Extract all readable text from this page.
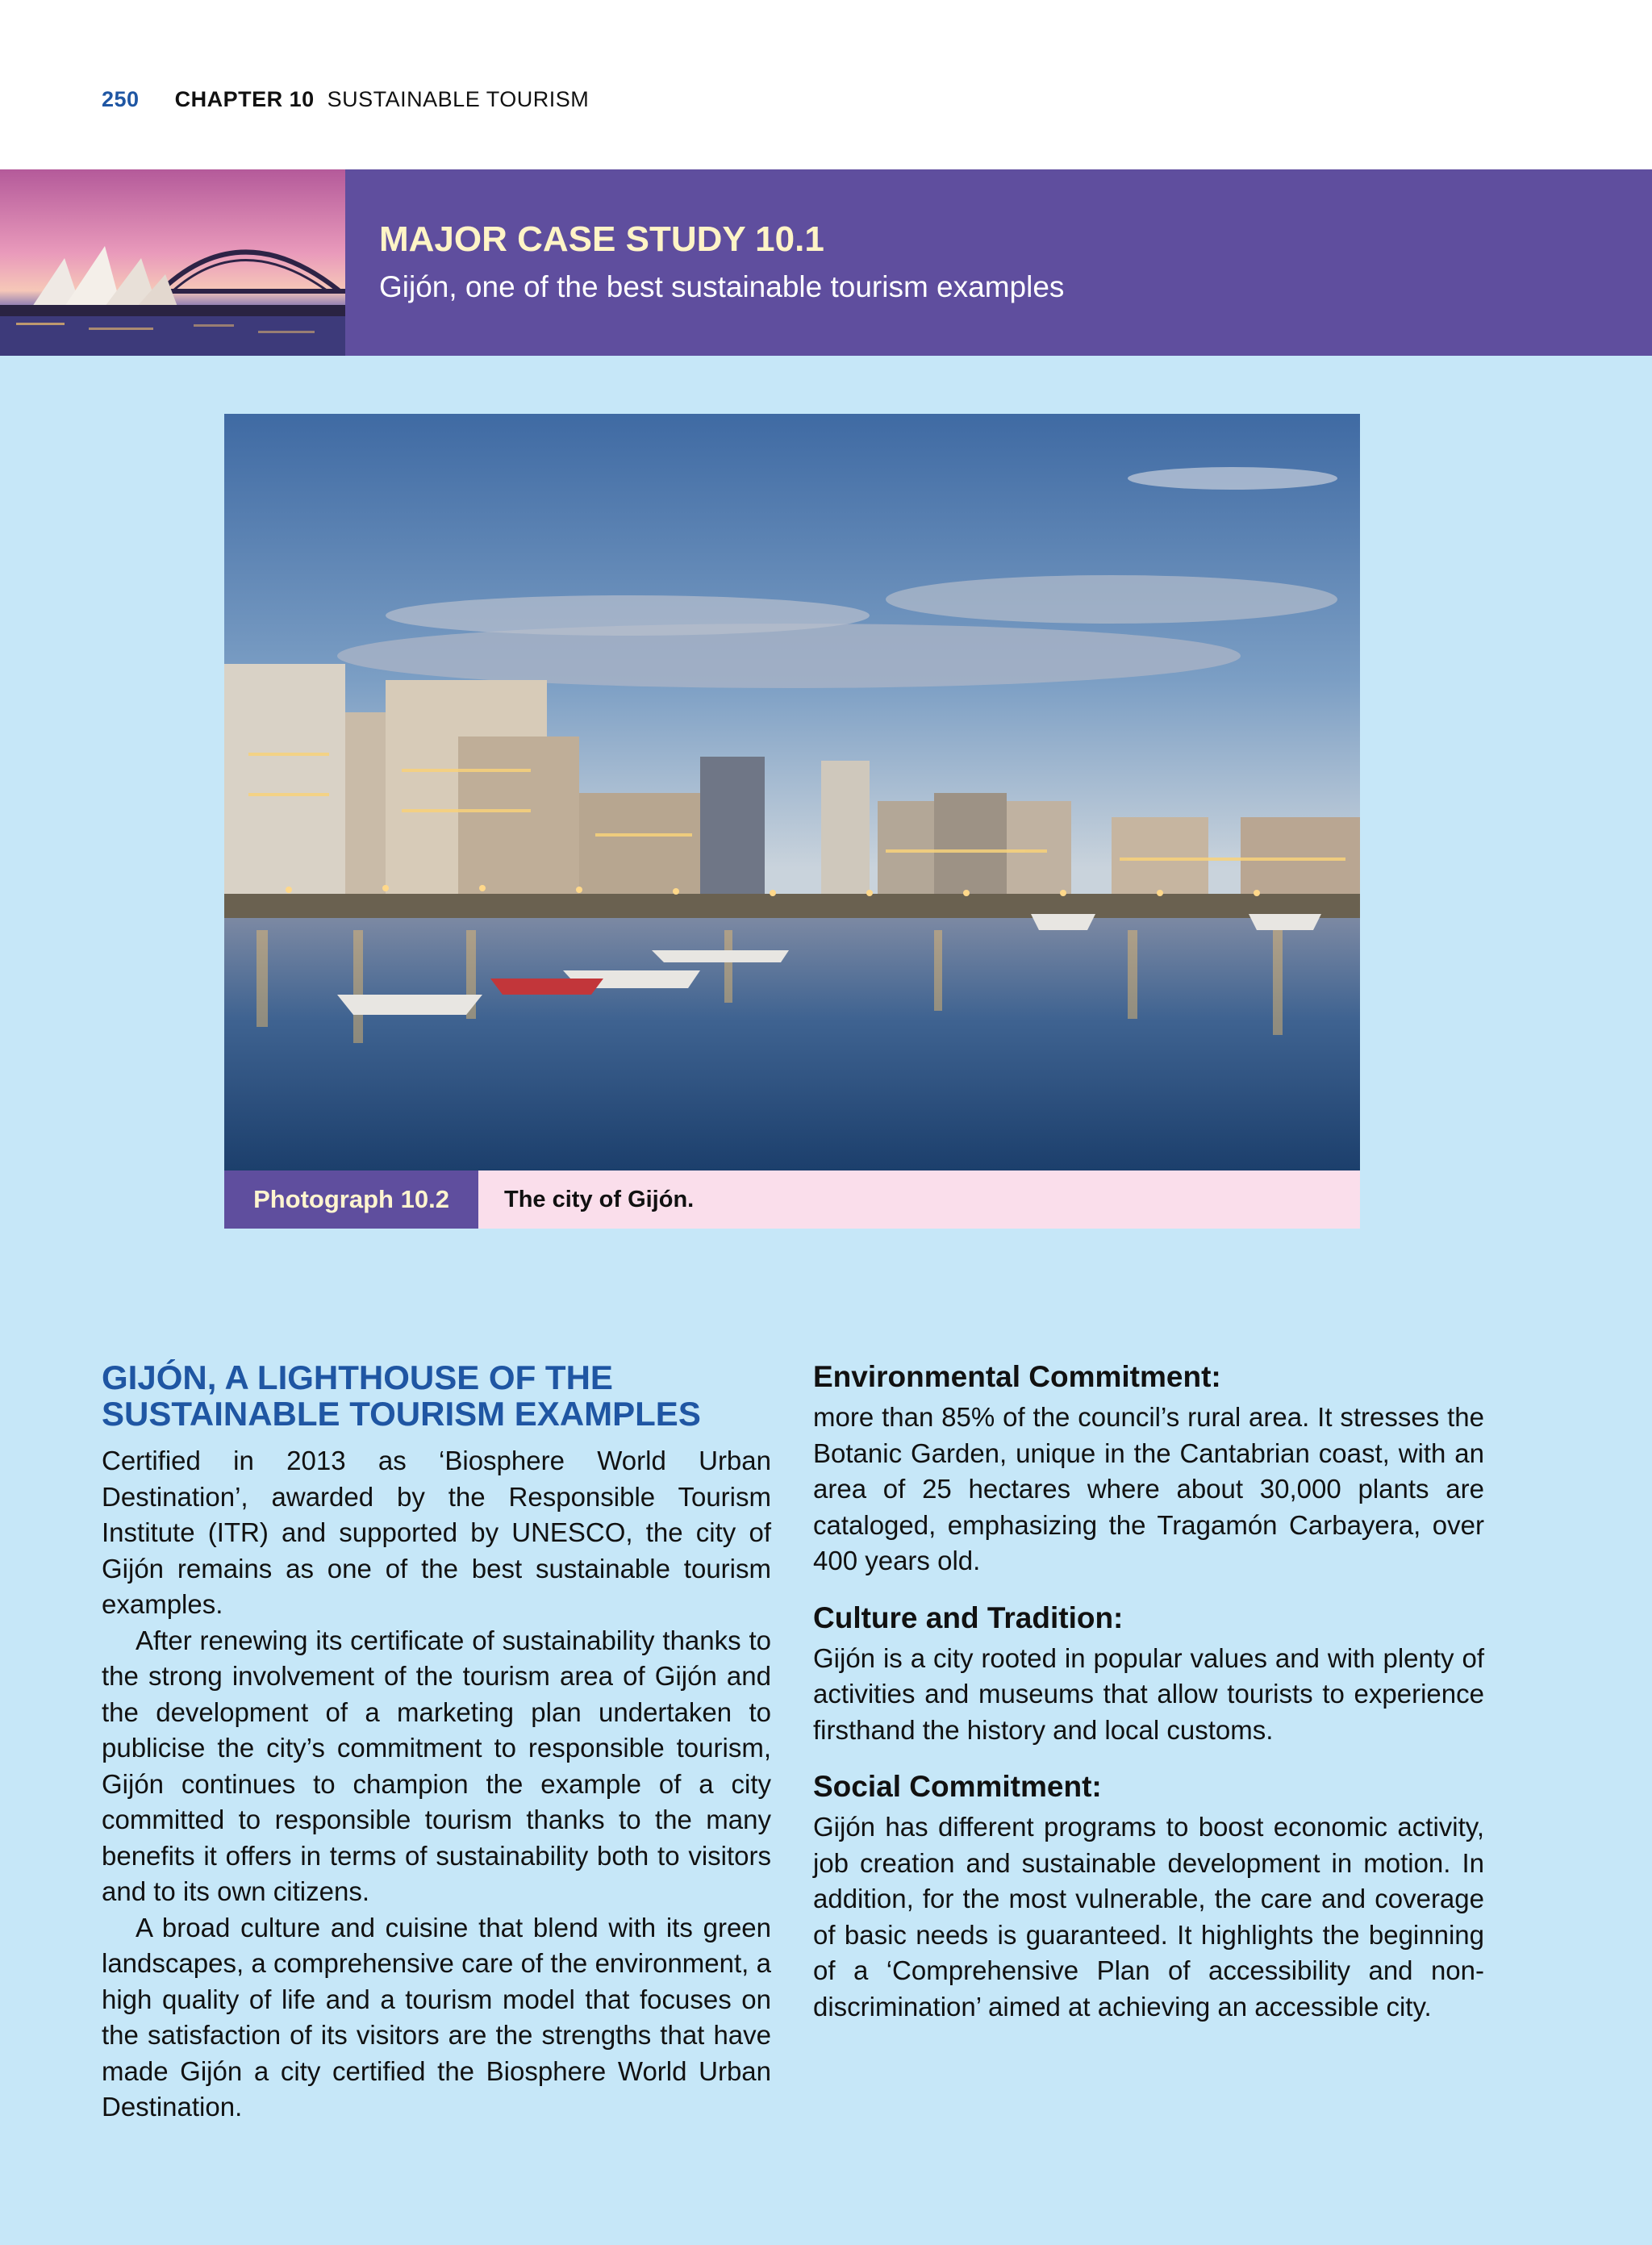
250 CHAPTER 10 SUSTAINABLE TOURISM
MAJOR CASE STUDY 10.1
Gijón, one of the best sustainable tourism examples
Photograph 10.2	The city of Gijón.
GIJÓN, A LIGHTHOUSE OF THE SUSTAINABLE TOURISM EXAMPLES

Certified in 2013 as ‘Biosphere World Urban Destination’, awarded by the Responsible Tourism Institute (ITR) and supported by UNESCO, the city of Gijón remains as one of the best sustainable tourism examples.

After renewing its certificate of sustainability thanks to the strong involvement of the tourism area of Gijón and the development of a marketing plan undertaken to publicise the city’s commitment to responsible tourism, Gijón continues to champion the example of a city committed to responsible tourism thanks to the many benefits it offers in terms of sustainability both to visitors and to its own citizens.

A broad culture and cuisine that blend with its green landscapes, a comprehensive care of the environment, a high quality of life and a tourism model that focuses on the satisfaction of its visitors are the strengths that have made Gijón a city certified the Biosphere World Urban Destination.

Environmental Commitment:

more than 85% of the council’s rural area. It stresses the Botanic Garden, unique in the Cantabrian coast, with an area of 25 hectares where about 30,000 plants are cataloged, emphasizing the Tragamón Carbayera, over 400 years old.

Culture and Tradition:

Gijón is a city rooted in popular values and with plenty of activities and museums that allow tourists to experience firsthand the history and local customs.

Social Commitment:

Gijón has different programs to boost economic activity, job creation and sustainable development in motion. In addition, for the most vulnerable, the care and coverage of basic needs is guaranteed. It highlights the beginning of a ‘Comprehensive Plan of accessibility and non-discrimination’ aimed at achieving an accessible city.
